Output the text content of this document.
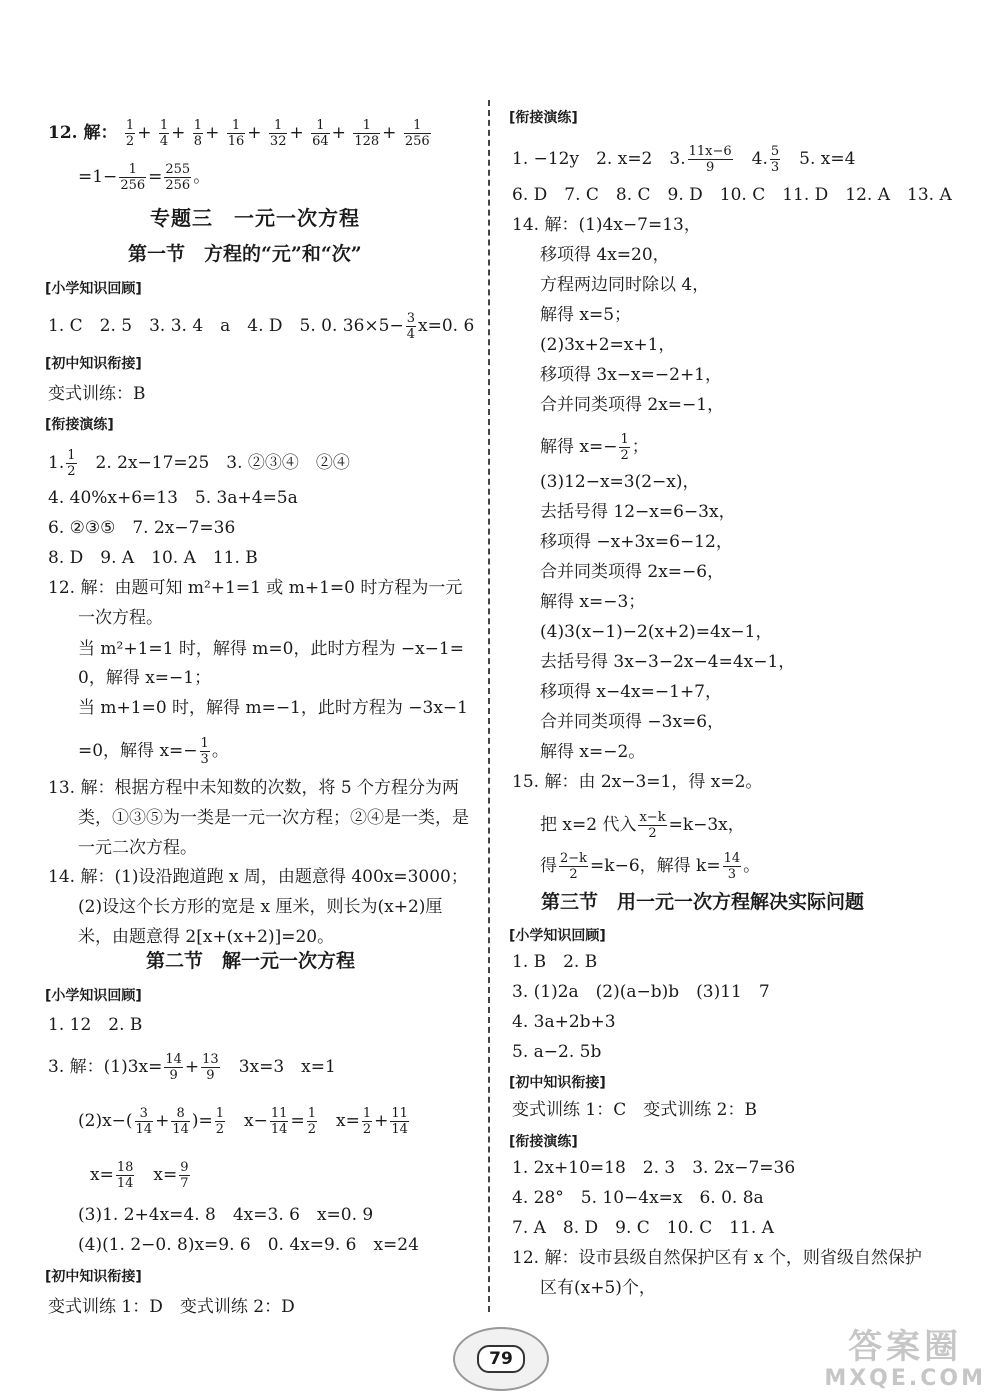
12. 解： $\frac{1}{2} + \frac{1}{4} + \frac{1}{8} + \frac{1}{16} + \frac{1}{32} + \frac{1}{64} + \frac{1}{128} + \frac{1}{256}$
$=1- \frac{1}{256} = \frac{255}{256}$ 。
专题三　一元一次方程
第一节　方程的“元”和“次”
[小学知识回顾]
1. C　2. 5　3. 3. 4　a　4. D　5. 0. $36\times 5- \frac{3}{4} x=0$. 6
[初中知识衔接]
变式训练：B
[衔接演练]
1. $\frac{1}{2}$ 　2. 2x−17=25　3. ②③④　②④
4. 40%x+6=13　5. 3a+4=5a
6. ②③⑤　7. 2x−7=36
8. D　9. A　10. A　11. B
12. 解：由题可知 m²+1=1 或 m+1=0 时方程为一元
一次方程。
当 m²+1=1 时，解得 m=0，此时方程为 −x−1=
0，解得 x=−1；
当 m+1=0 时，解得 m=−1，此时方程为 −3x−1
=0，解得 $x=- \frac{1}{3}$ 。
13. 解：根据方程中未知数的次数，将 5 个方程分为两
类，①③⑤为一类是一元一次方程；②④是一类，是
一元二次方程。
14. 解：(1)设沿跑道跑 x 周，由题意得 400x=3000；
(2)设这个长方形的宽是 x 厘米，则长为(x+2)厘
米，由题意得 2[x+(x+2)]=20。
第二节　解一元一次方程
[小学知识回顾]
1. 12　2. B
3. 解：$(1)3x= \frac{14}{9} + \frac{13}{9}$ 　3x=3　x=1
$(2)x-( \frac{3}{14} + \frac{8}{14}$ )= $\frac{1}{2}$ 　$x- \frac{11}{14} = \frac{1}{2}$ 　$x= \frac{1}{2} + \frac{11}{14}$
$x= \frac{18}{14}$ 　$x= \frac{9}{7}$
(3)1. 2+4x=4. 8　4x=3. 6　x=0. 9
(4)(1. 2−0. 8)x=9. 6　0. 4x=9. 6　x=24
[初中知识衔接]
变式训练 1：D　变式训练 2：D
[衔接演练]
1. −12y　2. x=2　3. $\frac{11x-6}{9}$ 　4. $\frac{5}{3}$ 　5. x=4
6. D　7. C　8. C　9. D　10. C　11. D　12. A　13. A
14. 解：(1)4x−7=13，
移项得 4x=20，
方程两边同时除以 4，
解得 x=5；
(2)3x+2=x+1，
移项得 3x−x=−2+1，
合并同类项得 2x=−1，
解得 $x=- \frac{1}{2}$ ；
(3)12−x=3(2−x)，
去括号得 12−x=6−3x，
移项得 −x+3x=6−12，
合并同类项得 2x=−6，
解得 x=−3；
(4)3(x−1)−2(x+2)=4x−1，
去括号得 3x−3−2x−4=4x−1，
移项得 x−4x=−1+7，
合并同类项得 −3x=6，
解得 x=−2。
15. 解：由 2x−3=1，得 x=2。
把 x=2 代入 $\frac{x-k}{2} =k-3x$，
得 $\frac{2-k}{2} =k-6$，解得 $k= \frac{14}{3}$ 。
第三节　用一元一次方程解决实际问题
[小学知识回顾]
1. B　2. B
3. (1)2a　(2)(a−b)b　(3)11　7
4. 3a+2b+3
5. a−2. 5b
[初中知识衔接]
变式训练 1：C　变式训练 2：B
[衔接演练]
1. 2x+10=18　2. 3　3. 2x−7=36
4. 28°　5. 10−4x=x　6. 0. 8a
7. A　8. D　9. C　10. C　11. A
12. 解：设市县级自然保护区有 x 个，则省级自然保护
区有(x+5)个，
79	答案圈
MXQE.COM
